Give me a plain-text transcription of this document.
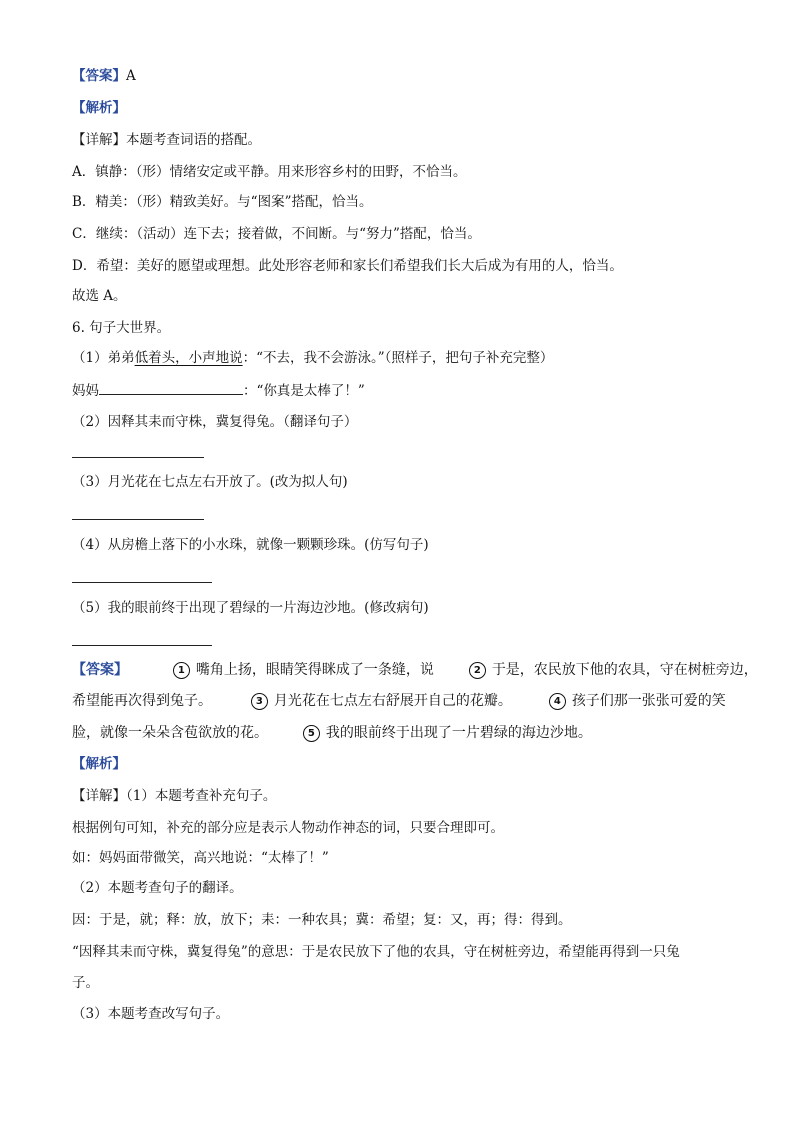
【答案】A
【解析】
【详解】本题考查词语的搭配。
A．镇静：（形）情绪安定或平静。用来形容乡村的田野，不恰当。
B．精美：（形）精致美好。与“图案”搭配，恰当。
C．继续：（活动）连下去；接着做，不间断。与“努力”搭配，恰当。
D．希望：美好的愿望或理想。此处形容老师和家长们希望我们长大后成为有用的人，恰当。
故选 A。
6. 句子大世界。
（1）弟弟低着头，小声地说：“不去，我不会游泳。”（照样子，把句子补充完整）
妈妈	：“你真是太棒了！”
（2）因释其耒而守株，冀复得兔。（翻译句子）
（3）月光花在七点左右开放了。(改为拟人句)
（4）从房檐上落下的小水珠，就像一颗颗珍珠。(仿写句子)
（5）我的眼前终于出现了碧绿的一片海边沙地。(修改病句)
【答案】	1 嘴角上扬，眼睛笑得眯成了一条缝，说	2 于是，农民放下他的农具，守在树桩旁边，
希望能再次得到兔子。	3 月光花在七点左右舒展开自己的花瓣。	4 孩子们那一张张可爱的笑
脸，就像一朵朵含苞欲放的花。	5 我的眼前终于出现了一片碧绿的海边沙地。
【解析】
【详解】（1）本题考查补充句子。
根据例句可知，补充的部分应是表示人物动作神态的词，只要合理即可。
如：妈妈面带微笑，高兴地说：“太棒了！”
（2）本题考查句子的翻译。
因：于是，就；释：放，放下；耒：一种农具；冀：希望；复：又，再；得：得到。
“因释其耒而守株，冀复得兔”的意思：于是农民放下了他的农具，守在树桩旁边，希望能再得到一只兔
子。
（3）本题考查改写句子。
